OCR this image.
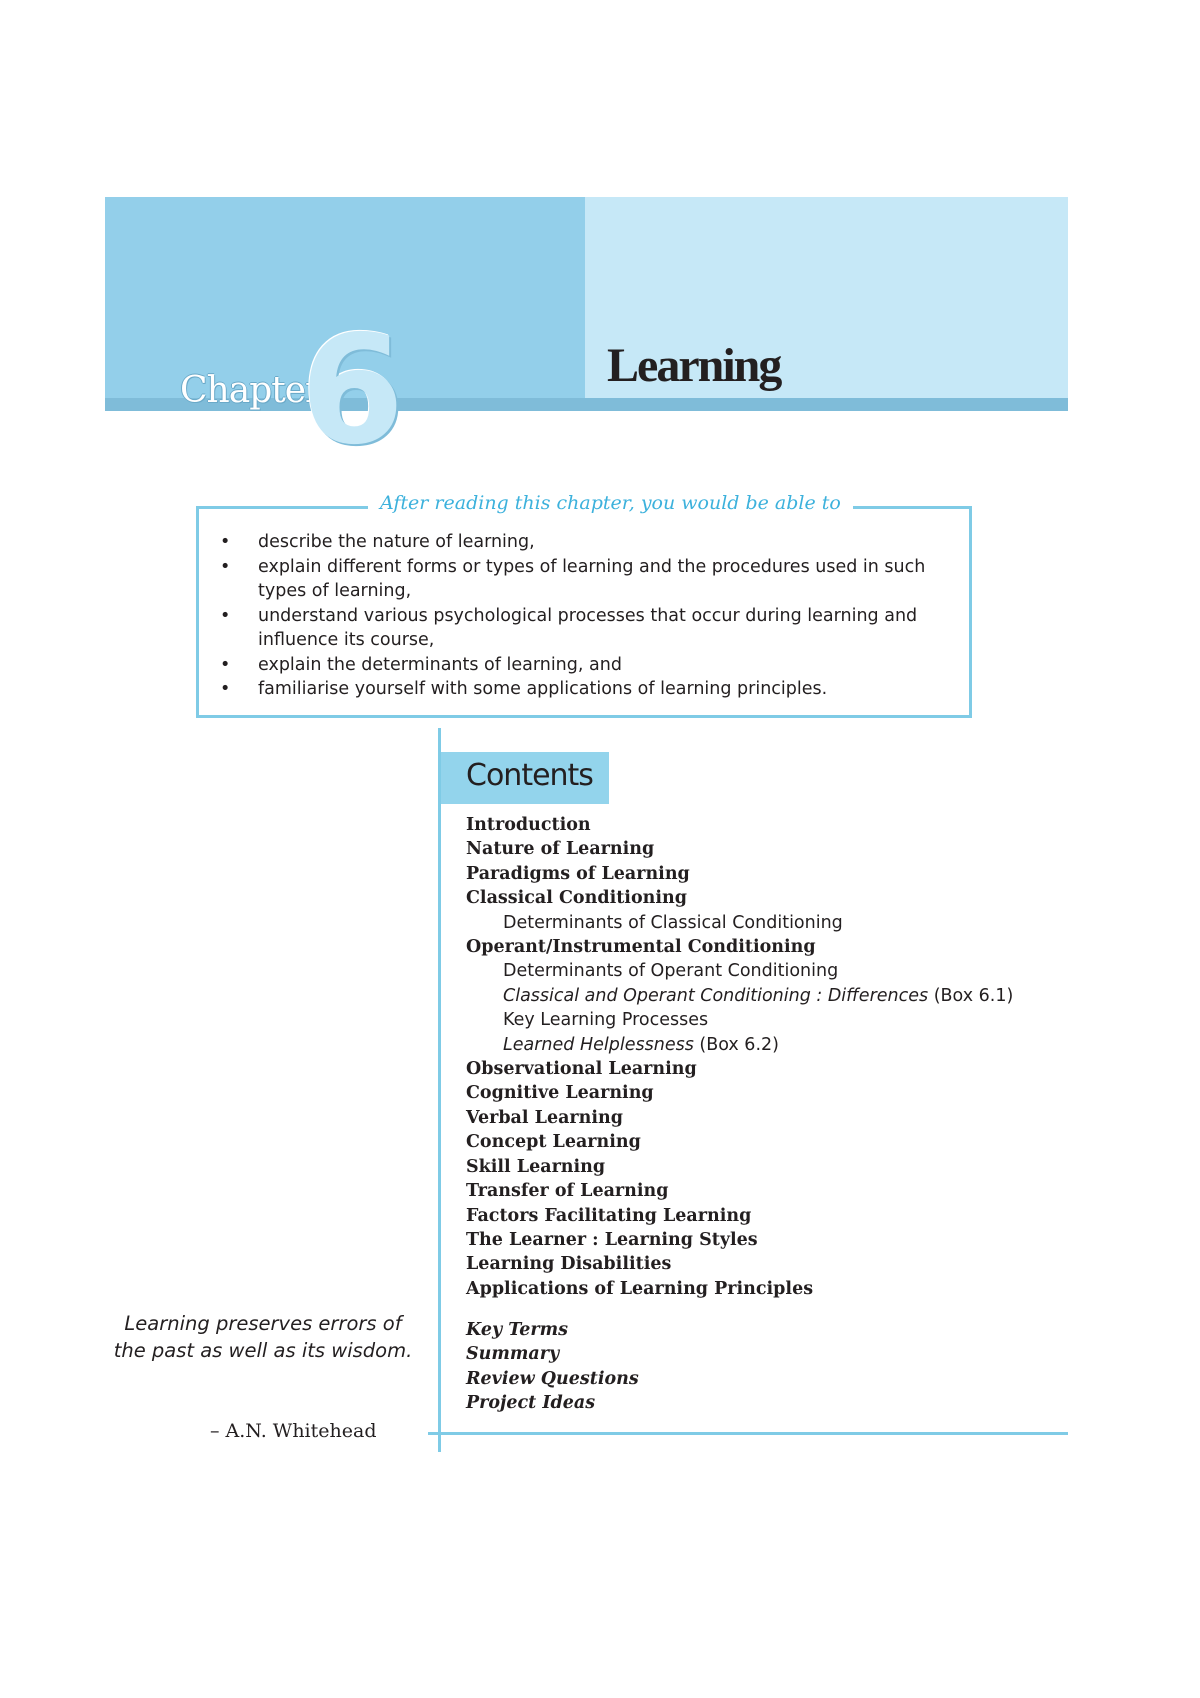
Chapter
6	Learning
After reading this chapter, you would be able to
• describe the nature of learning,
• explain different forms or types of learning and the procedures used in such types of learning,
• understand various psychological processes that occur during learning and influence its course,
• explain the determinants of learning, and
• familiarise yourself with some applications of learning principles.
Contents
Introduction
Nature of Learning
Paradigms of Learning
Classical Conditioning
Determinants of Classical Conditioning
Operant/Instrumental Conditioning
Determinants of Operant Conditioning
Classical and Operant Conditioning : Differences (Box 6.1)
Key Learning Processes
Learned Helplessness (Box 6.2)
Observational Learning
Cognitive Learning
Verbal Learning
Concept Learning
Skill Learning
Transfer of Learning
Factors Facilitating Learning
The Learner : Learning Styles
Learning Disabilities
Applications of Learning Principles
Key Terms
Summary
Review Questions
Project Ideas
Learning preserves errors of the past as well as its wisdom.
– A.N. Whitehead
